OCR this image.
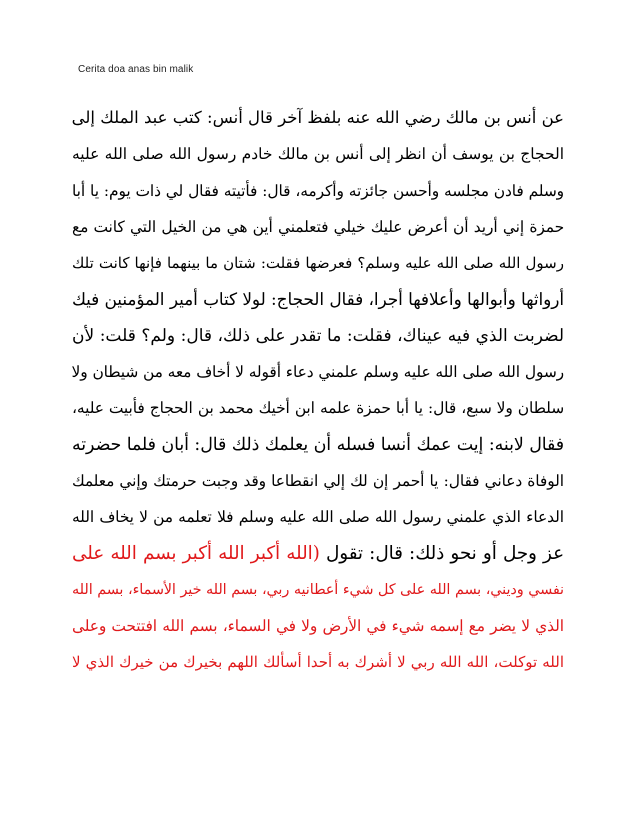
Cerita doa anas bin malik
عن أنس بن مالك رضي الله عنه بلفظ آخر قال أنس: كتب عبد الملك إلى
الحجاج بن يوسف أن انظر إلى أنس بن مالك خادم رسول الله صلى الله عليه
وسلم فادن مجلسه وأحسن جائزته وأكرمه، قال: فأتيته فقال لي ذات يوم: يا أبا
حمزة إني أريد أن أعرض عليك خيلي فتعلمني أين هي من الخيل التي كانت مع
رسول الله صلى الله عليه وسلم؟ فعرضها فقلت: شتان ما بينهما فإنها كانت تلك
أرواثها وأبوالها وأعلافها أجرا، فقال الحجاج: لولا كتاب أمير المؤمنين فيك
لضربت الذي فيه عيناك، فقلت: ما تقدر على ذلك، قال: ولم؟ قلت: لأن
رسول الله صلى الله عليه وسلم علمني دعاء أقوله لا أخاف معه من شيطان ولا
سلطان ولا سبع، قال: يا أبا حمزة علمه ابن أخيك محمد بن الحجاج فأبيت عليه،
فقال لابنه: إيت عمك أنسا فسله أن يعلمك ذلك قال: أبان فلما حضرته
الوفاة دعاني فقال: يا أحمر إن لك إلي انقطاعا وقد وجبت حرمتك وإني معلمك
الدعاء الذي علمني رسول الله صلى الله عليه وسلم فلا تعلمه من لا يخاف الله
عز وجل أو نحو ذلك: قال: تقول (الله أكبر الله أكبر بسم الله على
نفسي وديني، بسم الله على كل شيء أعطانيه ربي، بسم الله خير الأسماء، بسم الله
الذي لا يضر مع إسمه شيء في الأرض ولا في السماء، بسم الله افتتحت وعلى
الله توكلت، الله الله ربي لا أشرك به أحدا أسألك اللهم بخيرك من خيرك الذي لا
